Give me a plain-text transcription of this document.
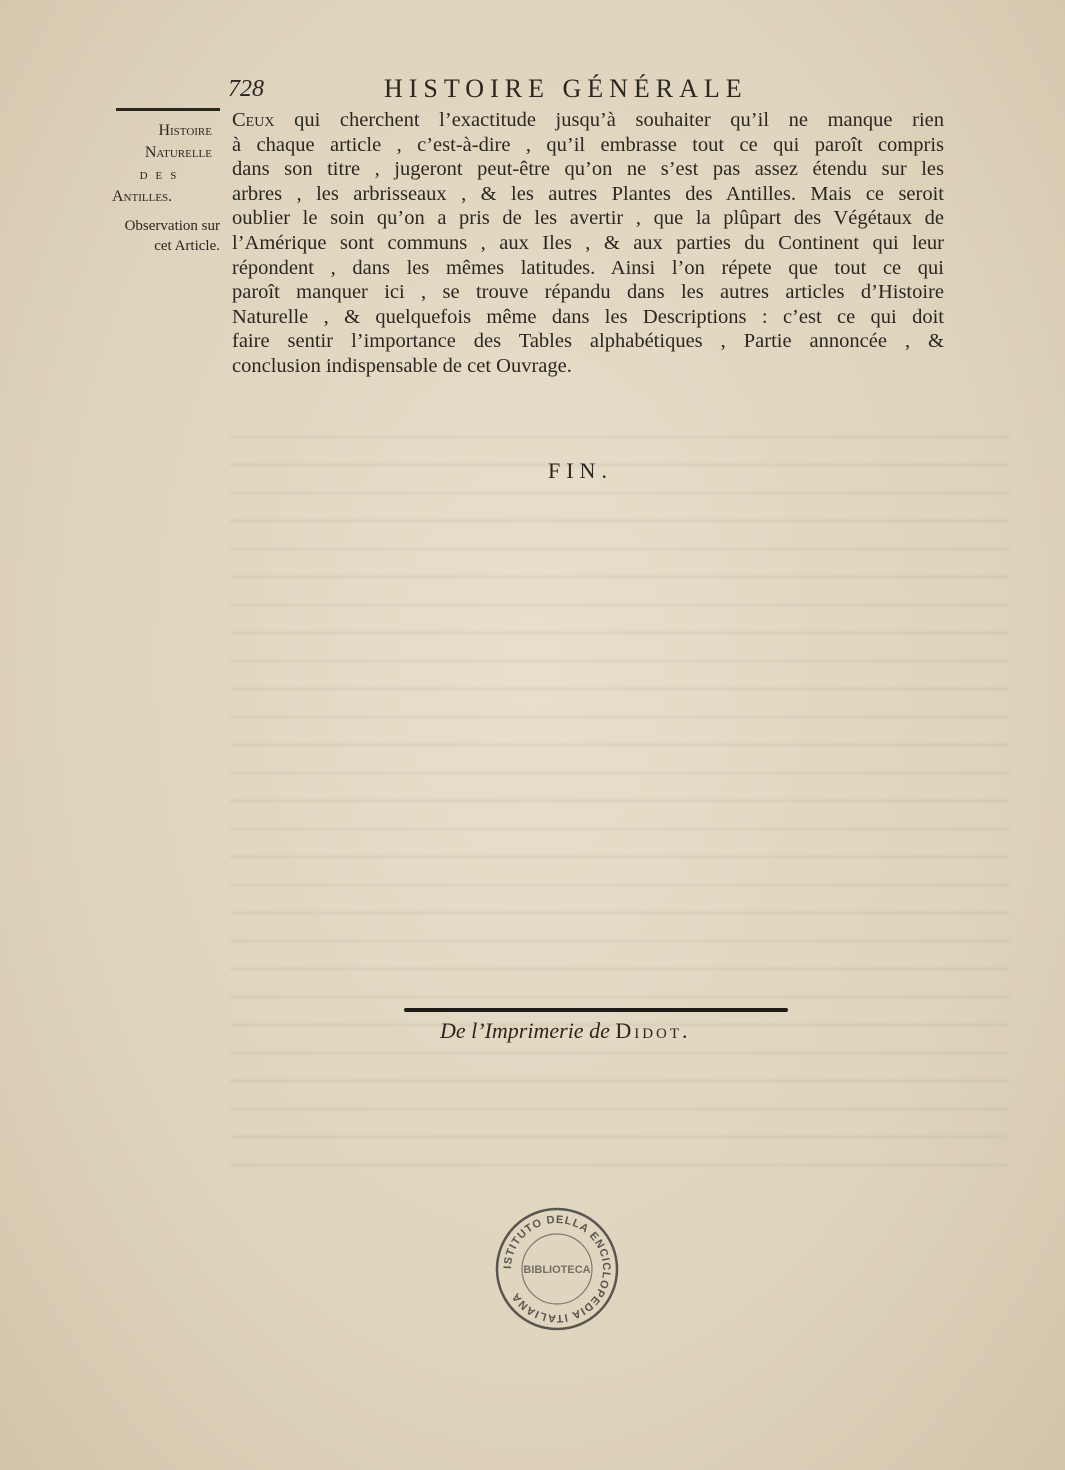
728	HISTOIRE GÉNÉRALE
Histoire
Naturelle
des
Antilles.
Observation sur
cet Article.
Ceux qui cherchent l’exactitude jusqu’à souhaiter qu’il ne manque rien
à chaque article , c’est-à-dire , qu’il embrasse tout ce qui paroît compris
dans son titre , jugeront peut-être qu’on ne s’est pas assez étendu sur les
arbres , les arbrisseaux , & les autres Plantes des Antilles. Mais ce seroit
oublier le soin qu’on a pris de les avertir , que la plûpart des Végétaux de
l’Amérique sont communs , aux Iles , & aux parties du Continent qui leur
répondent , dans les mêmes latitudes. Ainsi l’on répete que tout ce qui
paroît manquer ici , se trouve répandu dans les autres articles d’Histoire
Naturelle , & quelquefois même dans les Descriptions : c’est ce qui doit
faire sentir l’importance des Tables alphabétiques , Partie annoncée , &
conclusion indispensable de cet Ouvrage.
FIN.
De l’Imprimerie de Didot.
ISTITUTO DELLA ENCICLOPEDIA ITALIANA
BIBLIOTECA
